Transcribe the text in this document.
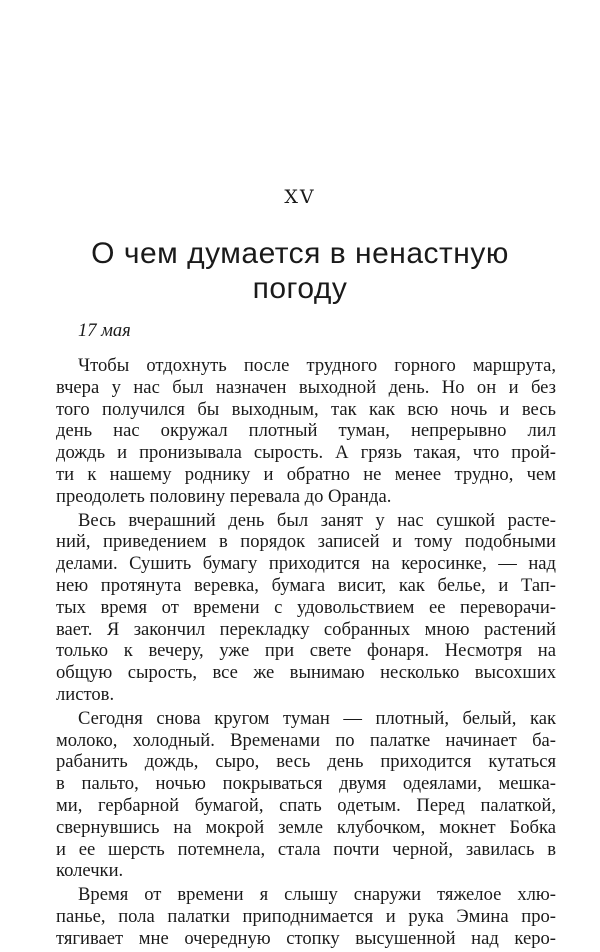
XV
О чем думается в ненастную
погоду
17 мая
Чтобы отдохнуть после трудного горного маршрута,
вчера у нас был назначен выходной день. Но он и без
того получился бы выходным, так как всю ночь и весь
день нас окружал плотный туман, непрерывно лил
дождь и пронизывала сырость. А грязь такая, что прой-
ти к нашему роднику и обратно не менее трудно, чем
преодолеть половину перевала до Оранда.
Весь вчерашний день был занят у нас сушкой расте-
ний, приведением в порядок записей и тому подобными
делами. Сушить бумагу приходится на керосинке, — над
нею протянута веревка, бумага висит, как белье, и Тап-
тых время от времени с удовольствием ее переворачи-
вает. Я закончил перекладку собранных мною растений
только к вечеру, уже при свете фонаря. Несмотря на
общую сырость, все же вынимаю несколько высохших
листов.
Сегодня снова кругом туман — плотный, белый, как
молоко, холодный. Временами по палатке начинает ба-
рабанить дождь, сыро, весь день приходится кутаться
в пальто, ночью покрываться двумя одеялами, мешка-
ми, гербарной бумагой, спать одетым. Перед палаткой,
свернувшись на мокрой земле клубочком, мокнет Бобка
и ее шерсть потемнела, стала почти черной, завилась в
колечки.
Время от времени я слышу снаружи тяжелое хлю-
панье, пола палатки приподнимается и рука Эмина про-
тягивает мне очередную стопку высушенной над керо-
